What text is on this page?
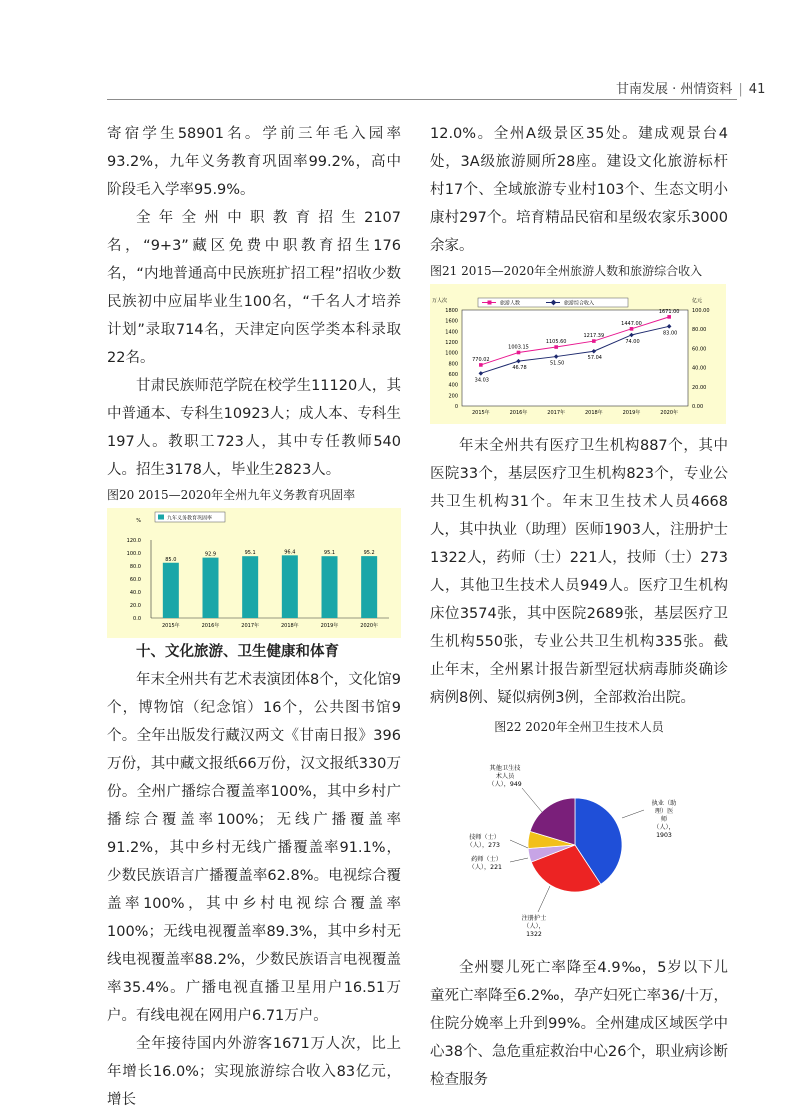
甘南发展 · 州情资料 | 41

寄宿学生58901名。学前三年毛入园率93.2%，九年义务教育巩固率99.2%，高中阶段毛入学率95.9%。

全年全州中职教育招生2107名，“9+3”藏区免费中职教育招生176名，“内地普通高中民族班扩招工程”招收少数民族初中应届毕业生100名，“千名人才培养计划”录取714名，天津定向医学类本科录取22名。

甘肃民族师范学院在校学生11120人，其中普通本、专科生10923人；成人本、专科生197人。教职工723人，其中专任教师540人。招生3178人，毕业生2823人。

图20 2015—2020年全州九年义务教育巩固率
%
0.0
20.0
40.0
60.0
80.0
100.0
120.0
九年义务教育巩固率
85.0
2015年
92.9
2016年
95.1
2017年
96.4
2018年
95.1
2019年
95.2
2020年

十、文化旅游、卫生健康和体育

年末全州共有艺术表演团体8个，文化馆9个，博物馆（纪念馆）16个，公共图书馆9个。全年出版发行藏汉两文《甘南日报》396万份，其中藏文报纸66万份，汉文报纸330万份。全州广播综合覆盖率100%，其中乡村广播综合覆盖率100%；无线广播覆盖率91.2%，其中乡村无线广播覆盖率91.1%，少数民族语言广播覆盖率62.8%。电视综合覆盖率100%，其中乡村电视综合覆盖率100%；无线电视覆盖率89.3%，其中乡村无线电视覆盖率88.2%，少数民族语言电视覆盖率35.4%。广播电视直播卫星用户16.51万户。有线电视在网用户6.71万户。

全年接待国内外游客1671万人次，比上年增长16.0%；实现旅游综合收入83亿元，增长

12.0%。全州A级景区35处。建成观景台4处，3A级旅游厕所28座。建设文化旅游标杆村17个、全域旅游专业村103个、生态文明小康村297个。培育精品民宿和星级农家乐3000余家。

图21 2015—2020年全州旅游人数和旅游综合收入
万人次	亿元
0
200
400
600
800
1000
1200
1400
1600
1800
0.00
20.00
40.00
60.00
80.00
100.00
旅游人数
770.02
1003.15
1105.60
1217.39
1447.00
1671.00
旅游综合收入
34.03
46.78
51.50
57.04
74.00
83.00
2015年	2016年	2017年	2018年	2019年	2020年

年末全州共有医疗卫生机构887个，其中医院33个，基层医疗卫生机构823个，专业公共卫生机构31个。年末卫生技术人员4668人，其中执业（助理）医师1903人，注册护士1322人，药师（士）221人，技师（士）273人，其他卫生技术人员949人。医疗卫生机构床位3574张，其中医院2689张，基层医疗卫生机构550张，专业公共卫生机构335张。截止年末，全州累计报告新型冠状病毒肺炎确诊病例8例、疑似病例3例，全部救治出院。

图22 2020年全州卫生技术人员
执业（助
理）医
师
（人），
1903
注册护士
（人），
1322
药师（士）
（人），221
技师（士）
（人），273
其他卫生技
术人员
（人），949

全州婴儿死亡率降至4.9‰，5岁以下儿童死亡率降至6.2‰，孕产妇死亡率36/十万，住院分娩率上升到99%。全州建成区域医学中心38个、急危重症救治中心26个，职业病诊断检查服务
